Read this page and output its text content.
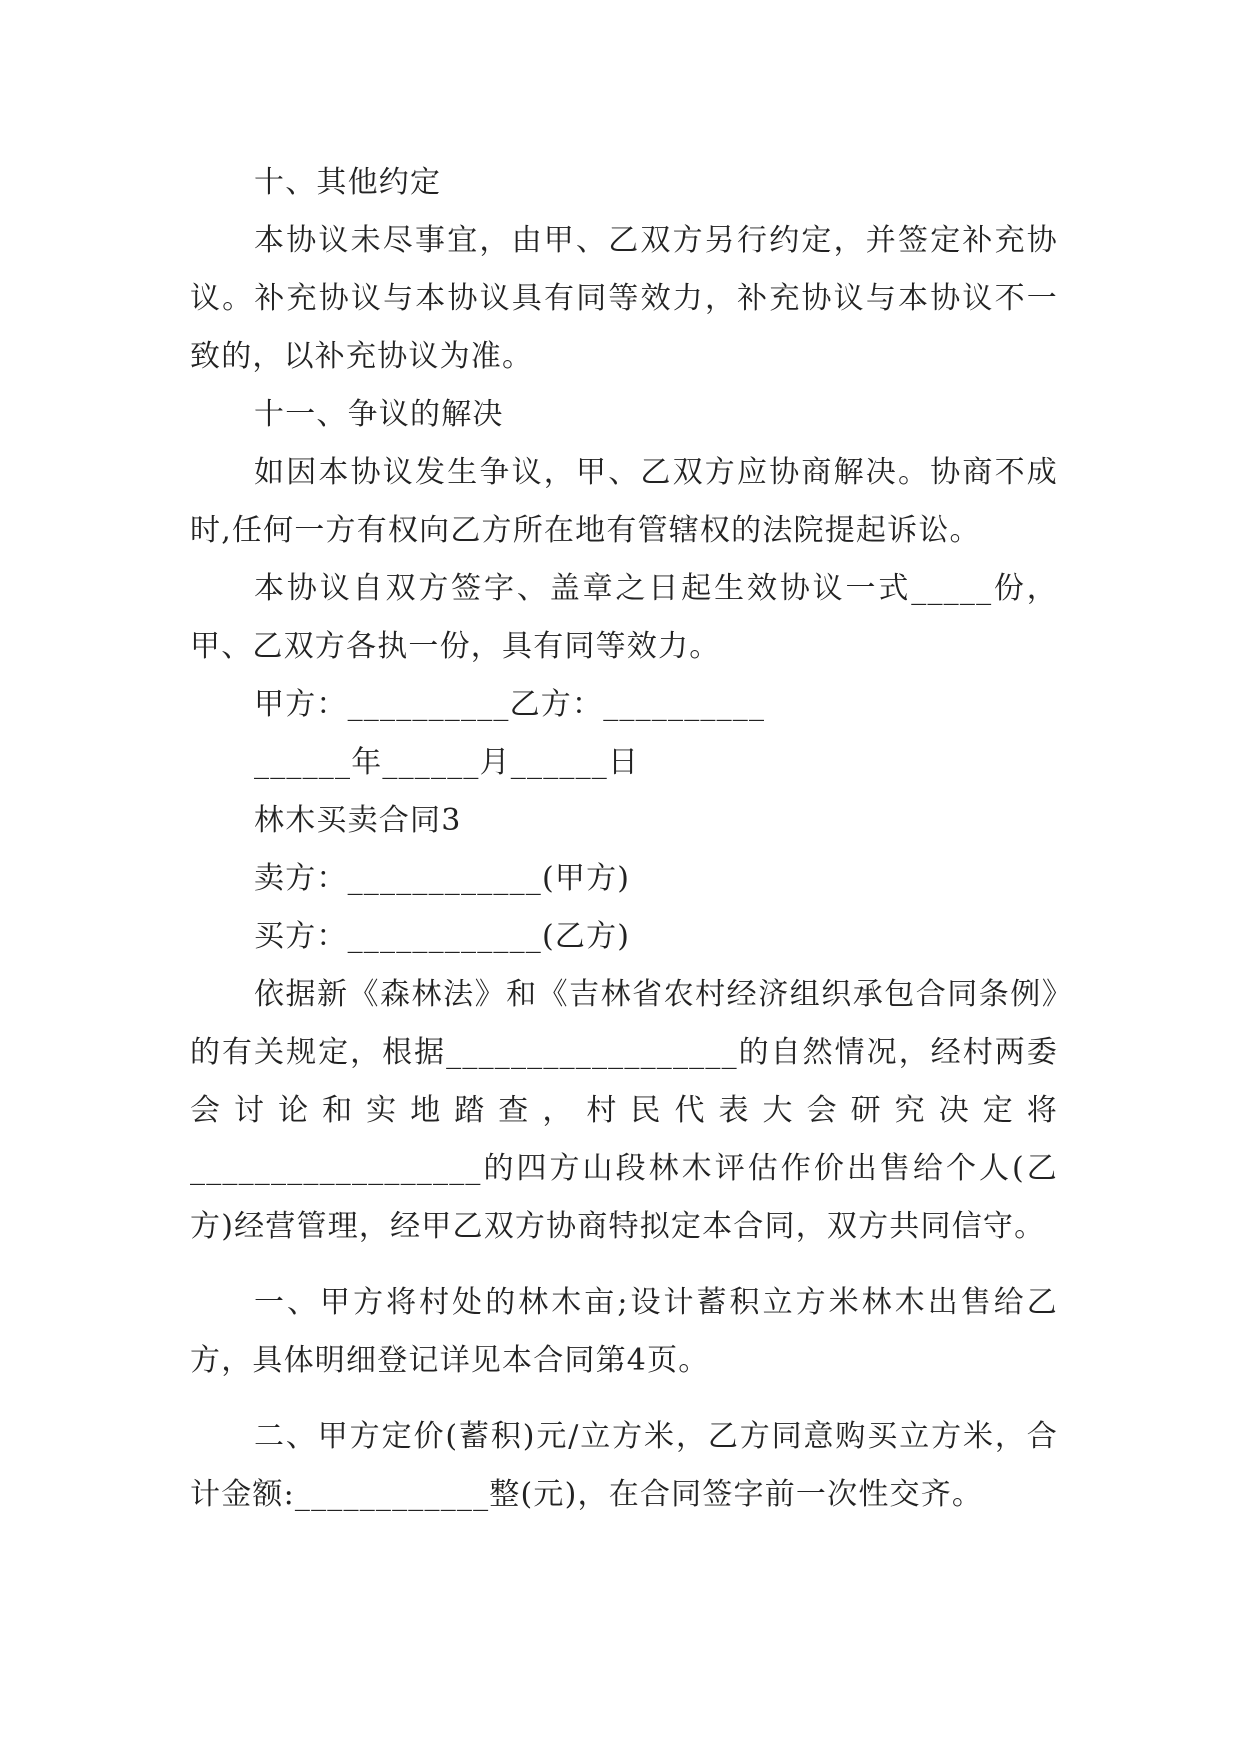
十、其他约定

本协议未尽事宜，由甲、乙双方另行约定，并签定补充协议。补充协议与本协议具有同等效力，补充协议与本协议不一致的，以补充协议为准。

十一、争议的解决

如因本协议发生争议，甲、乙双方应协商解决。协商不成时,任何一方有权向乙方所在地有管辖权的法院提起诉讼。

本协议自双方签字、盖章之日起生效协议一式_____份，甲、乙双方各执一份，具有同等效力。

甲方：__________乙方：__________

______年______月______日

林木买卖合同3

卖方：____________(甲方)

买方：____________(乙方)

依据新《森林法》和《吉林省农村经济组织承包合同条例》的有关规定，根据__________________的自然情况，经村两委会讨论和实地踏查，村民代表大会研究决定将__________________的四方山段林木评估作价出售给个人(乙方)经营管理，经甲乙双方协商特拟定本合同，双方共同信守。

一、甲方将村处的林木亩;设计蓄积立方米林木出售给乙方，具体明细登记详见本合同第4页。

二、甲方定价(蓄积)元/立方米，乙方同意购买立方米，合计金额:____________整(元)，在合同签字前一次性交齐。
